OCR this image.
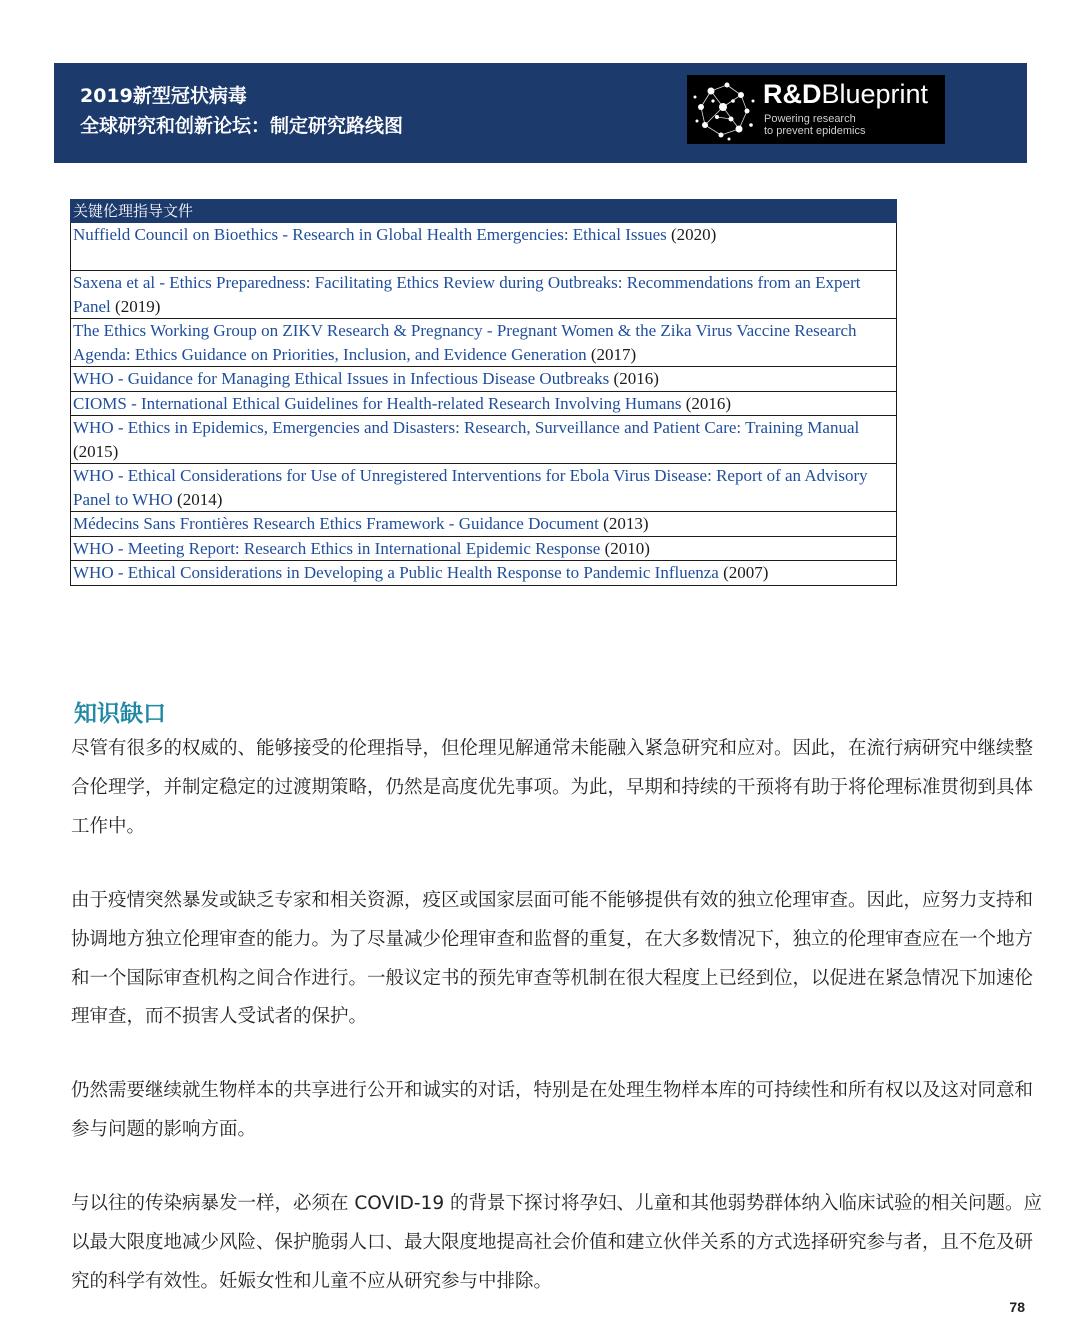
2019新型冠状病毒
全球研究和创新论坛：制定研究路线图
R&DBlueprint
Powering research
to prevent epidemics
关键伦理指导文件
Nuffield Council on Bioethics - Research in Global Health Emergencies: Ethical Issues (2020)
Saxena et al - Ethics Preparedness: Facilitating Ethics Review during Outbreaks: Recommendations from an Expert Panel (2019)
The Ethics Working Group on ZIKV Research & Pregnancy - Pregnant Women & the Zika Virus Vaccine Research Agenda: Ethics Guidance on Priorities, Inclusion, and Evidence Generation (2017)
WHO - Guidance for Managing Ethical Issues in Infectious Disease Outbreaks (2016)
CIOMS - International Ethical Guidelines for Health-related Research Involving Humans (2016)
WHO - Ethics in Epidemics, Emergencies and Disasters: Research, Surveillance and Patient Care: Training Manual (2015)
WHO - Ethical Considerations for Use of Unregistered Interventions for Ebola Virus Disease: Report of an Advisory Panel to WHO (2014)
Médecins Sans Frontières Research Ethics Framework - Guidance Document (2013)
WHO - Meeting Report: Research Ethics in International Epidemic Response (2010)
WHO - Ethical Considerations in Developing a Public Health Response to Pandemic Influenza (2007)
知识缺口

尽管有很多的权威的、能够接受的伦理指导，但伦理见解通常未能融入紧急研究和应对。因此，在流行病研究中继续整合伦理学，并制定稳定的过渡期策略，仍然是高度优先事项。为此，早期和持续的干预将有助于将伦理标准贯彻到具体工作中。

由于疫情突然暴发或缺乏专家和相关资源，疫区或国家层面可能不能够提供有效的独立伦理审查。因此，应努力支持和协调地方独立伦理审查的能力。为了尽量减少伦理审查和监督的重复，在大多数情况下，独立的伦理审查应在一个地方和一个国际审查机构之间合作进行。一般议定书的预先审查等机制在很大程度上已经到位，以促进在紧急情况下加速伦理审查，而不损害人受试者的保护。

仍然需要继续就生物样本的共享进行公开和诚实的对话，特别是在处理生物样本库的可持续性和所有权以及这对同意和参与问题的影响方面。

与以往的传染病暴发一样，必须在 COVID-19 的背景下探讨将孕妇、儿童和其他弱势群体纳入临床试验的相关问题。应以最大限度地减少风险、保护脆弱人口、最大限度地提高社会价值和建立伙伴关系的方式选择研究参与者，且不危及研究的科学有效性。妊娠女性和儿童不应从研究参与中排除。

78
